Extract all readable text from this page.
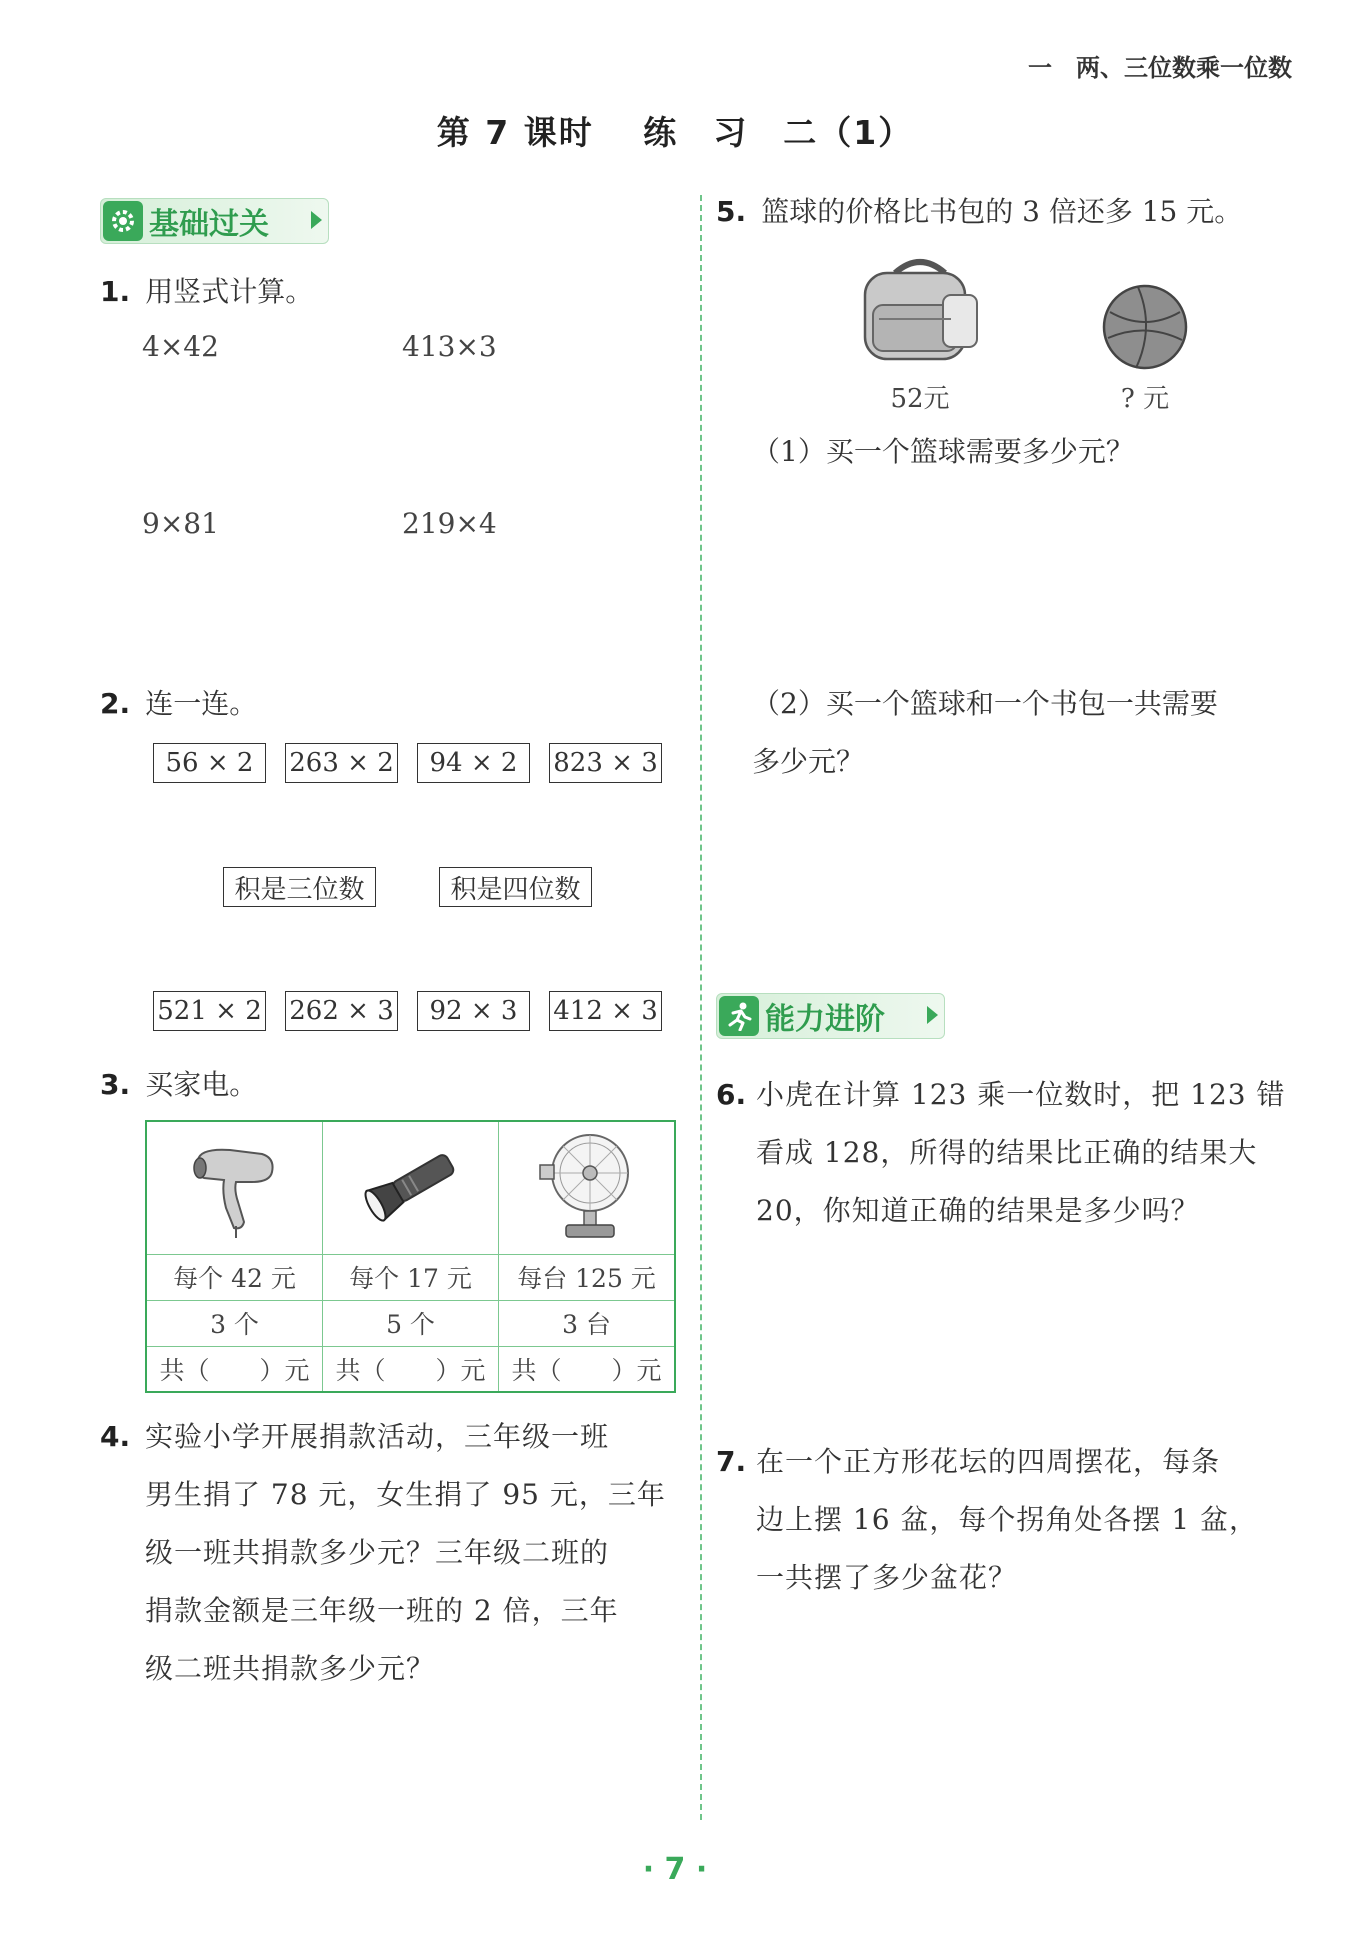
一　两、三位数乘一位数
第 7 课时 练　习　二（1）
基础过关
1. 用竖式计算。
4×42	413×3
9×81	219×4
2. 连一连。
56 × 2	263 × 2	94 × 2	823 × 3
积是三位数	积是四位数
521 × 2 262 × 3	92 × 3	412 × 3
3. 买家电。

每个 42 元	每个 17 元	每台 125 元
3 个	5 个	3 台
共（　　）元	共（　　）元	共（　　）元
4. 实验小学开展捐款活动，三年级一班
男生捐了 78 元，女生捐了 95 元，三年
级一班共捐款多少元？三年级二班的
捐款金额是三年级一班的 2 倍，三年
级二班共捐款多少元？
5. 篮球的价格比书包的 3 倍还多 15 元。
52元	? 元
（1）买一个篮球需要多少元？
（2）买一个篮球和一个书包一共需要
多少元？
能力进阶
6. 小虎在计算 123 乘一位数时，把 123 错
看成 128，所得的结果比正确的结果大
20，你知道正确的结果是多少吗？
7. 在一个正方形花坛的四周摆花，每条
边上摆 16 盆，每个拐角处各摆 1 盆，
一共摆了多少盆花？
· 7 ·
